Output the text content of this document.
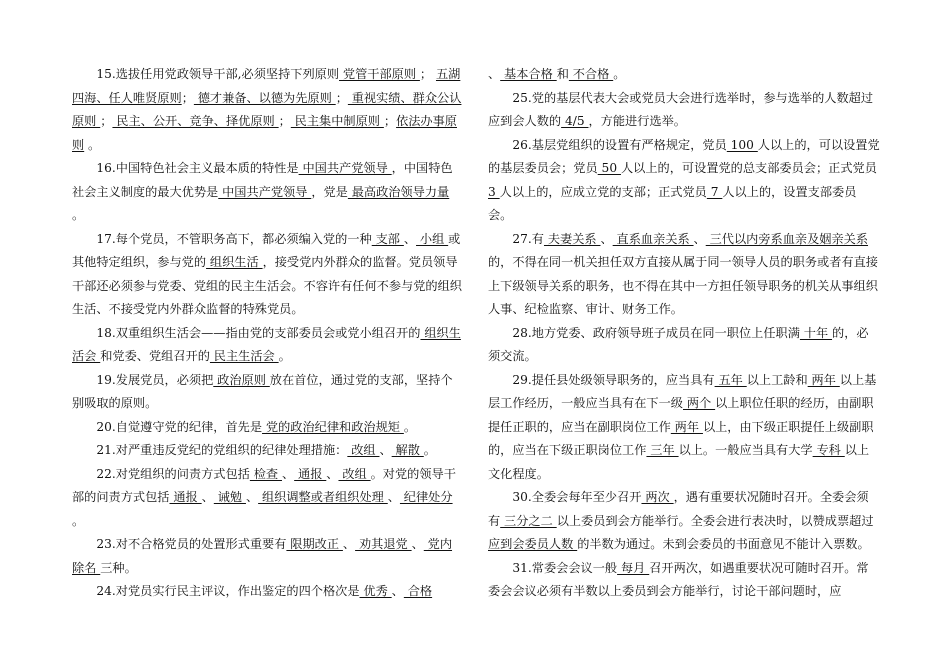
15.选拔任用党政领导干部,必须坚持下列原则 党管干部原则 ； 五湖四海、任人唯贤原则； 德才兼备、以德为先原则 ； 重视实绩、群众公认原则 ； 民主、公开、竞争、择优原则 ； 民主集中制原则 ；依法办事原则 。

16.中国特色社会主义最本质的特性是 中国共产党领导 ，中国特色社会主义制度的最大优势是 中国共产党领导 ，党是 最高政治领导力量 。

17.每个党员，不管职务高下，都必须编入党的一种 支部 、 小组 或其他特定组织，参与党的 组织生活 ，接受党内外群众的监督。党员领导干部还必须参与党委、党组的民主生活会。不容许有任何不参与党的组织生活、不接受党内外群众监督的特殊党员。

18.双重组织生活会——指由党的支部委员会或党小组召开的 组织生活会 和党委、党组召开的 民主生活会 。

19.发展党员，必须把 政治原则 放在首位，通过党的支部，坚持个别吸取的原则。

20.自觉遵守党的纪律，首先是 党的政治纪律和政治规矩 。

21.对严重违反党纪的党组织的纪律处理措施： 改组 、 解散 。

22.对党组织的问责方式包括 检查 、 通报 、 改组 。对党的领导干部的问责方式包括 通报 、 诫勉 、 组织调整或者组织处理 、 纪律处分 。

23.对不合格党员的处置形式重要有 限期改正 、 劝其退党 、 党内除名 三种。

24.对党员实行民主评议，作出鉴定的四个格次是 优秀 、 合格

、 基本合格 和 不合格 。

25.党的基层代表大会或党员大会进行选举时，参与选举的人数超过应到会人数的 4/5 ，方能进行选举。

26.基层党组织的设置有严格规定，党员 100 人以上的，可以设置党的基层委员会；党员 50 人以上的，可设置党的总支部委员会；正式党员 3 人以上的，应成立党的支部；正式党员 7 人以上的，设置支部委员会。

27.有 夫妻关系 、 直系血亲关系 、 三代以内旁系血亲及姻亲关系 的，不得在同一机关担任双方直接从属于同一领导人员的职务或者有直接上下级领导关系的职务，也不得在其中一方担任领导职务的机关从事组织人事、纪检监察、审计、财务工作。

28.地方党委、政府领导班子成员在同一职位上任职满 十年 的，必须交流。

29.提任县处级领导职务的，应当具有 五年 以上工龄和 两年 以上基层工作经历，一般应当具有在下一级 两个 以上职位任职的经历，由副职提任正职的，应当在副职岗位工作 两年 以上，由下级正职提任上级副职的，应当在下级正职岗位工作 三年 以上。一般应当具有大学 专科 以上文化程度。

30.全委会每年至少召开 两次 ，遇有重要状况随时召开。全委会须有 三分之二 以上委员到会方能举行。全委会进行表决时，以赞成票超过 应到会委员人数 的半数为通过。未到会委员的书面意见不能计入票数。

31.常委会会议一般 每月 召开两次，如遇重要状况可随时召开。常委会会议必须有半数以上委员到会方能举行，讨论干部问题时，应
